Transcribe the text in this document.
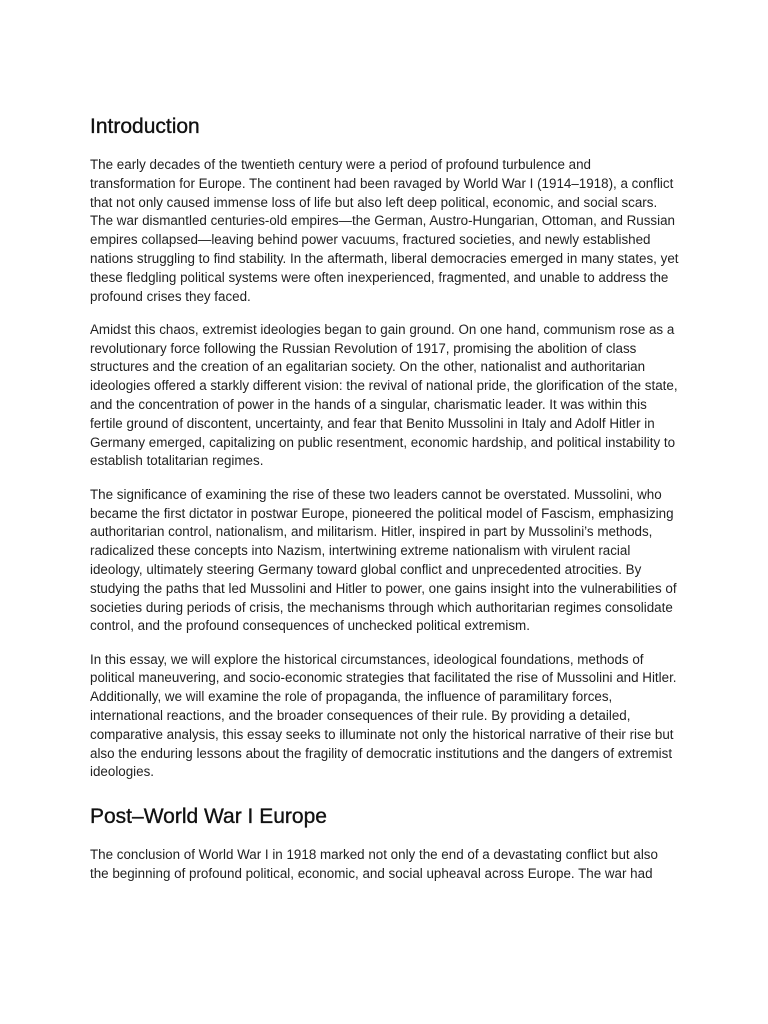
Introduction

The early decades of the twentieth century were a period of profound turbulence and transformation for Europe. The continent had been ravaged by World War I (1914–1918), a conflict that not only caused immense loss of life but also left deep political, economic, and social scars. The war dismantled centuries-old empires—the German, Austro-Hungarian, Ottoman, and Russian empires collapsed—leaving behind power vacuums, fractured societies, and newly established nations struggling to find stability. In the aftermath, liberal democracies emerged in many states, yet these fledgling political systems were often inexperienced, fragmented, and unable to address the profound crises they faced.

Amidst this chaos, extremist ideologies began to gain ground. On one hand, communism rose as a revolutionary force following the Russian Revolution of 1917, promising the abolition of class structures and the creation of an egalitarian society. On the other, nationalist and authoritarian ideologies offered a starkly different vision: the revival of national pride, the glorification of the state, and the concentration of power in the hands of a singular, charismatic leader. It was within this fertile ground of discontent, uncertainty, and fear that Benito Mussolini in Italy and Adolf Hitler in Germany emerged, capitalizing on public resentment, economic hardship, and political instability to establish totalitarian regimes.

The significance of examining the rise of these two leaders cannot be overstated. Mussolini, who became the first dictator in postwar Europe, pioneered the political model of Fascism, emphasizing authoritarian control, nationalism, and militarism. Hitler, inspired in part by Mussolini’s methods, radicalized these concepts into Nazism, intertwining extreme nationalism with virulent racial ideology, ultimately steering Germany toward global conflict and unprecedented atrocities. By studying the paths that led Mussolini and Hitler to power, one gains insight into the vulnerabilities of societies during periods of crisis, the mechanisms through which authoritarian regimes consolidate control, and the profound consequences of unchecked political extremism.

In this essay, we will explore the historical circumstances, ideological foundations, methods of political maneuvering, and socio-economic strategies that facilitated the rise of Mussolini and Hitler. Additionally, we will examine the role of propaganda, the influence of paramilitary forces, international reactions, and the broader consequences of their rule. By providing a detailed, comparative analysis, this essay seeks to illuminate not only the historical narrative of their rise but also the enduring lessons about the fragility of democratic institutions and the dangers of extremist ideologies.

Post–World War I Europe

The conclusion of World War I in 1918 marked not only the end of a devastating conflict but also the beginning of profound political, economic, and social upheaval across Europe. The war had
